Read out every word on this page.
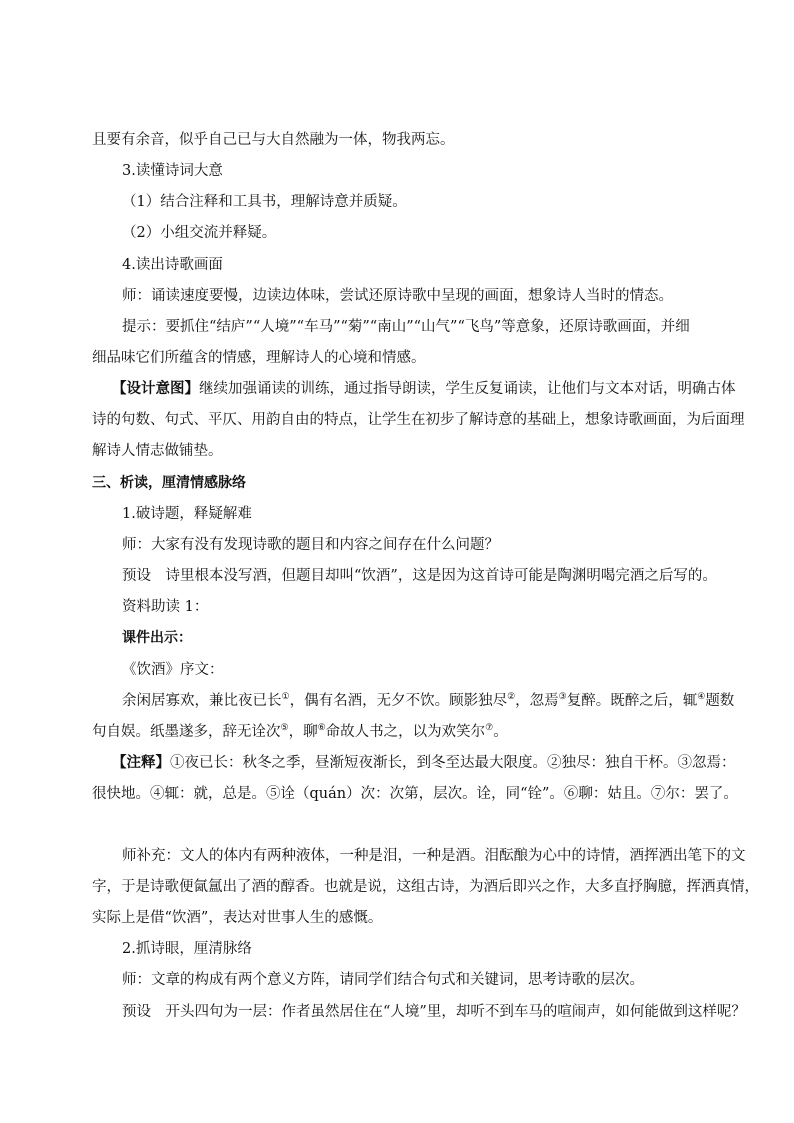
且要有余音，似乎自己已与大自然融为一体，物我两忘。
3.读懂诗词大意
（1）结合注释和工具书，理解诗意并质疑。
（2）小组交流并释疑。
4.读出诗歌画面
师：诵读速度要慢，边读边体味，尝试还原诗歌中呈现的画面，想象诗人当时的情态。
提示：要抓住“结庐”“人境”“车马”“菊”“南山”“山气”“飞鸟”等意象，还原诗歌画面，并细
细品味它们所蕴含的情感，理解诗人的心境和情感。
【设计意图】继续加强诵读的训练，通过指导朗读，学生反复诵读，让他们与文本对话，明确古体
诗的句数、句式、平仄、用韵自由的特点，让学生在初步了解诗意的基础上，想象诗歌画面，为后面理
解诗人情志做铺垫。
三、析读，厘清情感脉络
1.破诗题，释疑解难
师：大家有没有发现诗歌的题目和内容之间存在什么问题？
预设　诗里根本没写酒，但题目却叫“饮酒”，这是因为这首诗可能是陶渊明喝完酒之后写的。
资料助读 1：
课件出示：
《饮酒》序文：
余闲居寡欢，兼比夜已长①，偶有名酒，无夕不饮。顾影独尽②，忽焉③复醉。既醉之后，辄④题数
句自娱。纸墨遂多，辞无诠次⑤，聊⑥命故人书之，以为欢笑尔⑦。
【注释】①夜已长：秋冬之季，昼渐短夜渐长，到冬至达最大限度。②独尽：独自干杯。③忽焉：
很快地。④辄：就，总是。⑤诠（quán）次：次第，层次。诠，同“铨”。⑥聊：姑且。⑦尔：罢了。
师补充：文人的体内有两种液体，一种是泪，一种是酒。泪酝酿为心中的诗情，酒挥洒出笔下的文
字，于是诗歌便氤氲出了酒的醇香。也就是说，这组古诗，为酒后即兴之作，大多直抒胸臆，挥洒真情，
实际上是借“饮酒”，表达对世事人生的感慨。
2.抓诗眼，厘清脉络
师：文章的构成有两个意义方阵，请同学们结合句式和关键词，思考诗歌的层次。
预设　开头四句为一层：作者虽然居住在“人境”里，却听不到车马的喧闹声，如何能做到这样呢？
